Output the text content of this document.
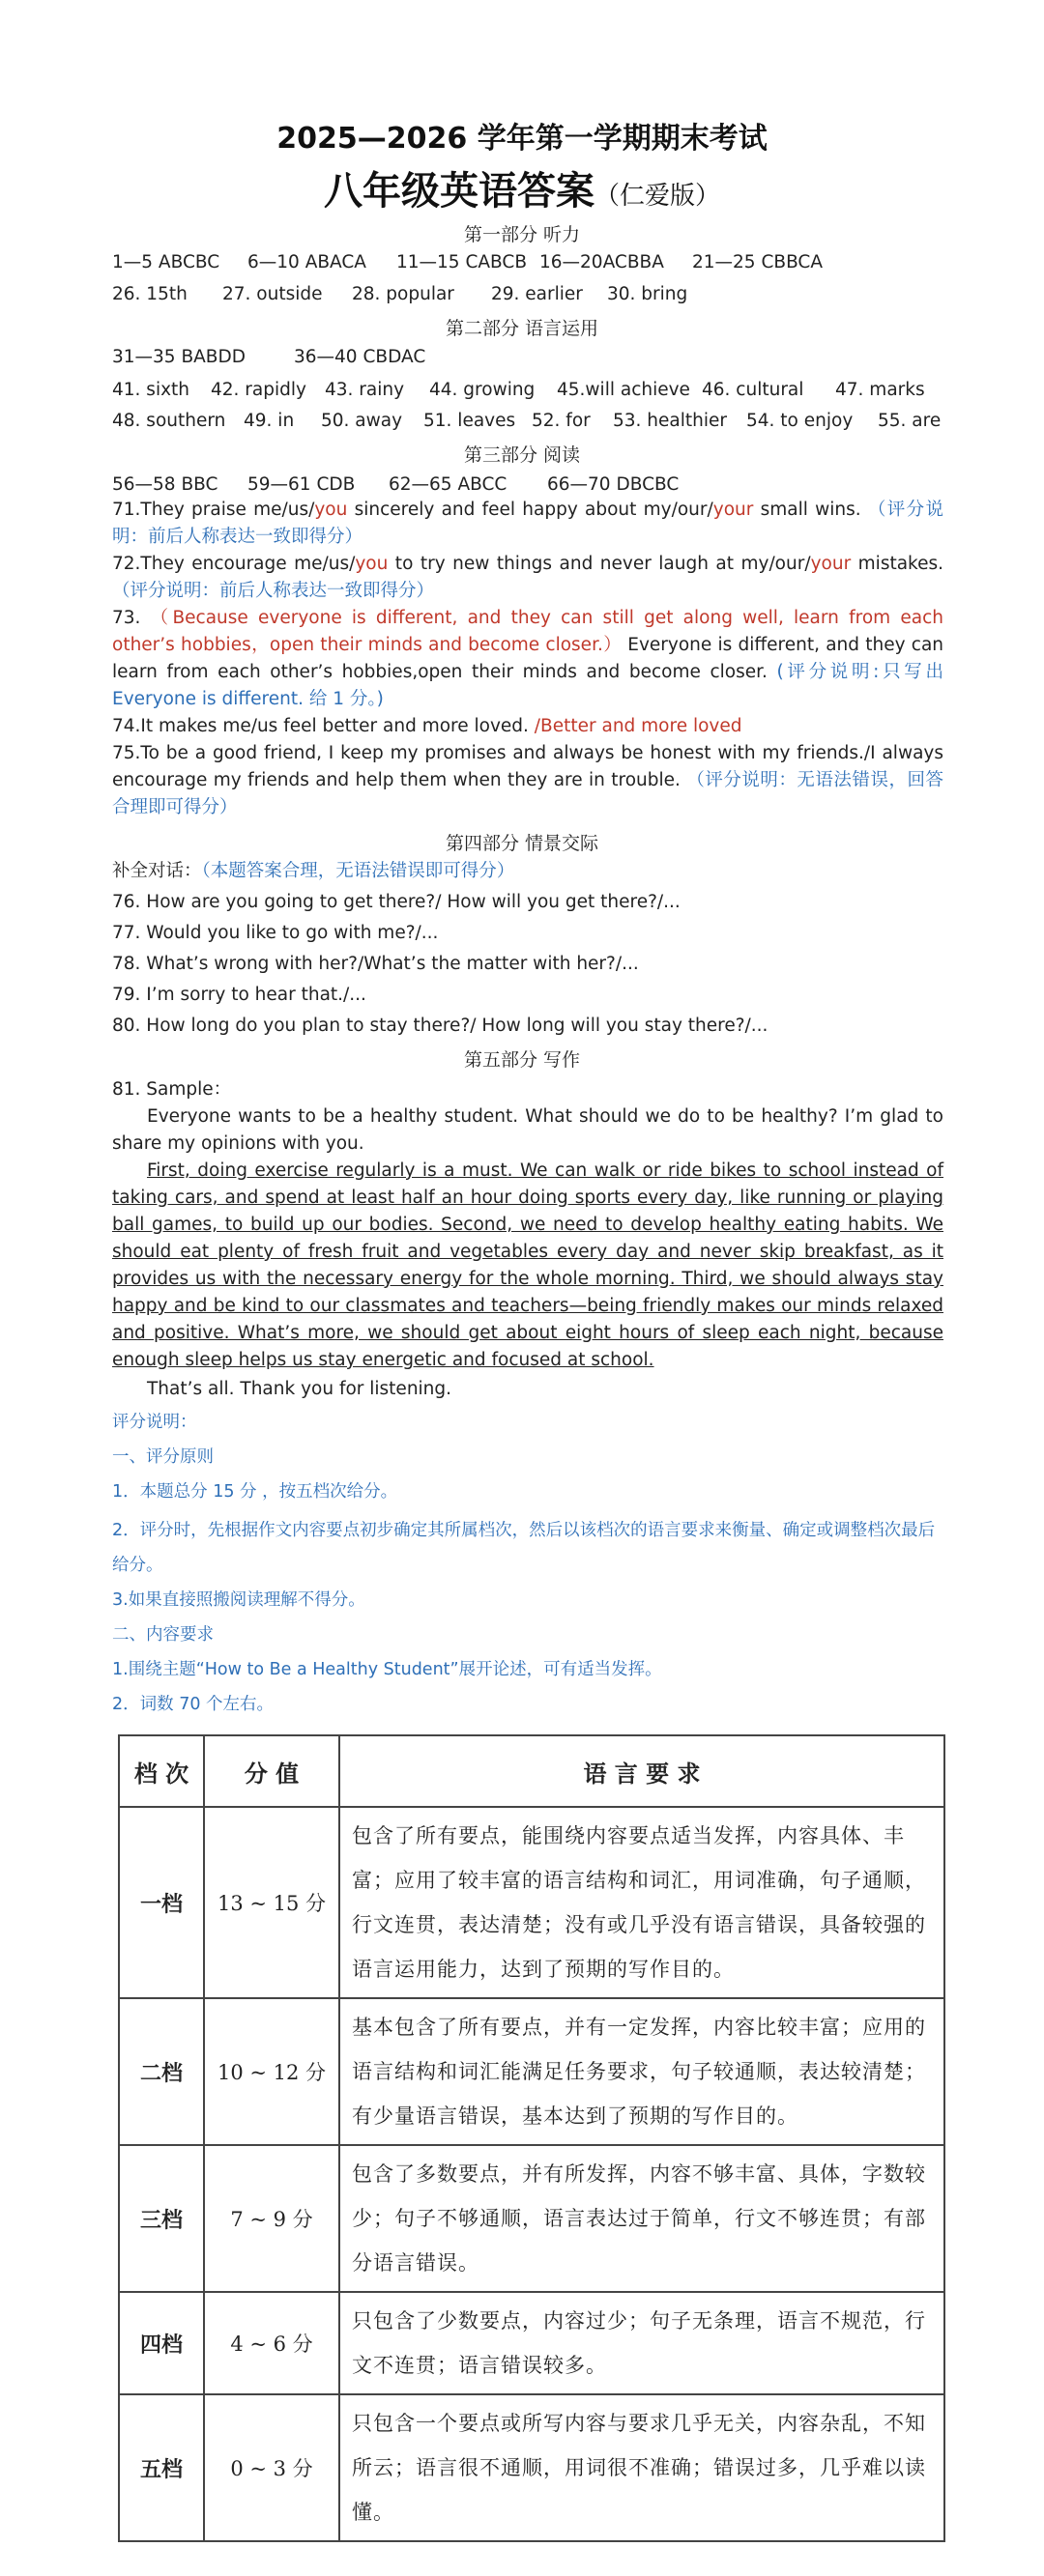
2025—2026 学年第一学期期末考试
八年级英语答案（仁爱版）
第一部分 听力
1—5 ABCBC 6—10 ABACA 11—15 CABCB 16—20ACBBA 21—25 CBBCA
26. 15th 27. outside 28. popular 29. earlier 30. bring
第二部分 语言运用
31—35 BABDD	36—40 CBDAC
41. sixth 42. rapidly 43. rainy 44. growing 45.will achieve 46. cultural 47. marks
48. southern 49. in 50. away 51. leaves 52. for 53. healthier 54. to enjoy 55. are
第三部分 阅读
56—58 BBC 59—61 CDB 62—65 ABCC 66—70 DBCBC
71.They praise me/us/you sincerely and feel happy about my/our/your small wins. （评分说明：前后人称表达一致即得分）
72.They encourage me/us/you to try new things and never laugh at my/our/your mistakes. （评分说明：前后人称表达一致即得分）
73. （Because everyone is different, and they can still get along well, learn from each other’s hobbies，open their minds and become closer.） Everyone is different, and they can learn from each other’s hobbies,open their minds and become closer. (评分说明:只写出Everyone is different. 给 1 分。)
74.It makes me/us feel better and more loved. /Better and more loved
75.To be a good friend, I keep my promises and always be honest with my friends./I always encourage my friends and help them when they are in trouble. （评分说明：无语法错误，回答合理即可得分）
第四部分 情景交际
补全对话：（本题答案合理，无语法错误即可得分）
76. How are you going to get there?/ How will you get there?/...
77. Would you like to go with me?/...
78. What’s wrong with her?/What’s the matter with her?/...
79. I’m sorry to hear that./...
80. How long do you plan to stay there?/ How long will you stay there?/...
第五部分 写作
81. Sample：
Everyone wants to be a healthy student. What should we do to be healthy? I’m glad to share my opinions with you.
First, doing exercise regularly is a must. We can walk or ride bikes to school instead of taking cars, and spend at least half an hour doing sports every day, like running or playing ball games, to build up our bodies. Second, we need to develop healthy eating habits. We should eat plenty of fresh fruit and vegetables every day and never skip breakfast, as it provides us with the necessary energy for the whole morning. Third, we should always stay happy and be kind to our classmates and teachers—being friendly makes our minds relaxed and positive. What’s more, we should get about eight hours of sleep each night, because enough sleep helps us stay energetic and focused at school.
That’s all. Thank you for listening.
评分说明：
一、评分原则
1．本题总分 15 分 ，按五档次给分。
2．评分时，先根据作文内容要点初步确定其所属档次，然后以该档次的语言要求来衡量、确定或调整档次最后给分。
3.如果直接照搬阅读理解不得分。
二、内容要求
1.围绕主题“How to Be a Healthy Student”展开论述，可有适当发挥。
2．词数 70 个左右。
档 次	分 值	语 言 要 求
一档	13 ~ 15 分	包含了所有要点，能围绕内容要点适当发挥，内容具体、丰富；应用了较丰富的语言结构和词汇，用词准确，句子通顺，行文连贯，表达清楚；没有或几乎没有语言错误，具备较强的语言运用能力，达到了预期的写作目的。
二档	10 ~ 12 分	基本包含了所有要点，并有一定发挥，内容比较丰富；应用的语言结构和词汇能满足任务要求，句子较通顺，表达较清楚；有少量语言错误，基本达到了预期的写作目的。
三档	7 ~ 9 分	包含了多数要点，并有所发挥，内容不够丰富、具体，字数较少；句子不够通顺，语言表达过于简单，行文不够连贯；有部分语言错误。
四档	4 ~ 6 分	只包含了少数要点，内容过少；句子无条理，语言不规范，行文不连贯；语言错误较多。
五档	0 ~ 3 分	只包含一个要点或所写内容与要求几乎无关，内容杂乱，不知所云；语言很不通顺，用词很不准确；错误过多，几乎难以读懂。
